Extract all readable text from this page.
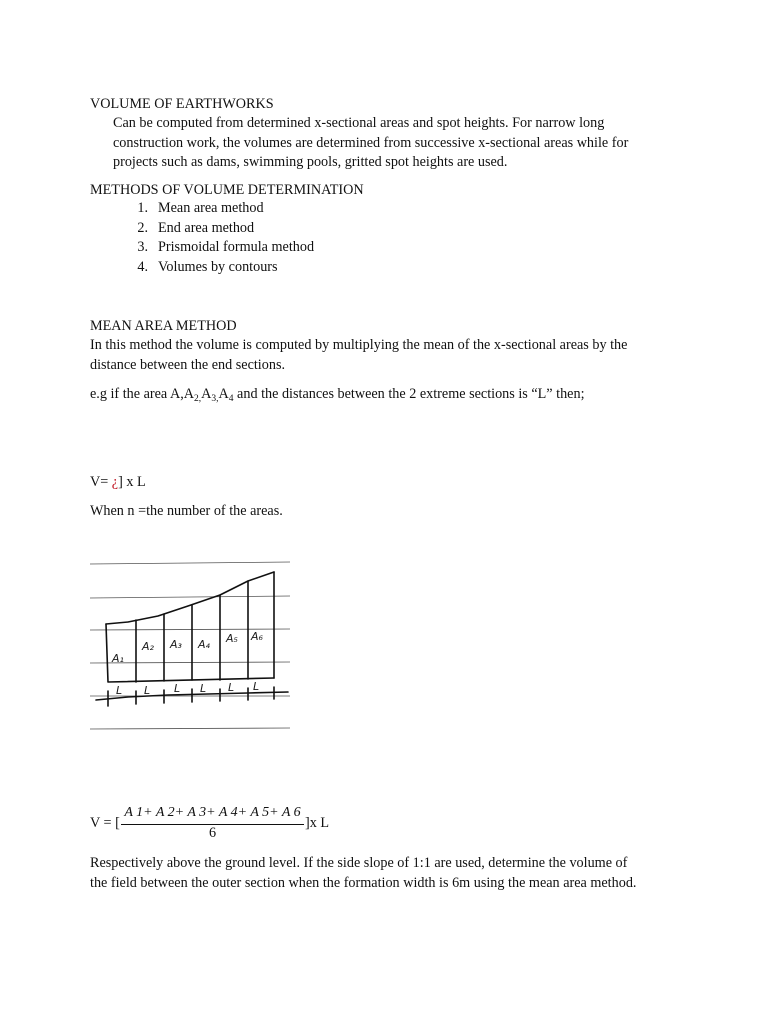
VOLUME OF EARTHWORKS
Can be computed from determined x-sectional areas and spot heights. For narrow long
construction work, the volumes are determined from successive x-sectional areas while for
projects such as dams, swimming pools, gritted spot heights are used.
METHODS OF VOLUME DETERMINATION
1. Mean area method
2. End area method
3. Prismoidal formula method
4. Volumes by contours
MEAN AREA METHOD
In this method the volume is computed by multiplying the mean of the x-sectional areas by the
distance between the end sections.
e.g if the area $A,A_{2,}A_{3,}A_4$ and the distances between the 2 extreme sections is “L” then;
V= ¿] x L
When n =the number of the areas.
A₁
A₂ A₃ A₄ A₅ A₆
L L L L L L
V = [
A 1+ A 2+ A 3+ A 4+ A 5+ A 6
6
]x L
Respectively above the ground level. If the side slope of 1:1 are used, determine the volume of
the field between the outer section when the formation width is 6m using the mean area method.
